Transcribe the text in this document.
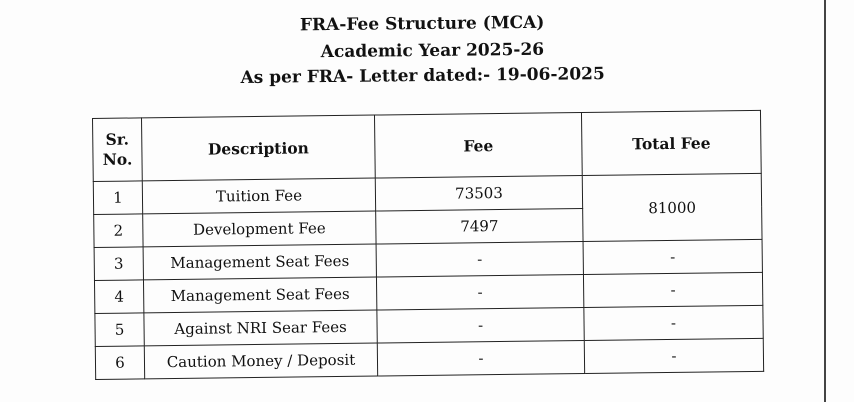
FRA-Fee Structure (MCA)
Academic Year 2025-26
As per FRA- Letter dated:- 19-06-2025
Sr.
No.	Description	Fee	Total Fee
1	Tuition Fee	73503	81000
2	Development Fee	7497	
3	Management Seat Fees	-	-
4	Management Seat Fees	-	-
5	Against NRI Sear Fees	-	-
6	Caution Money / Deposit	-	-
